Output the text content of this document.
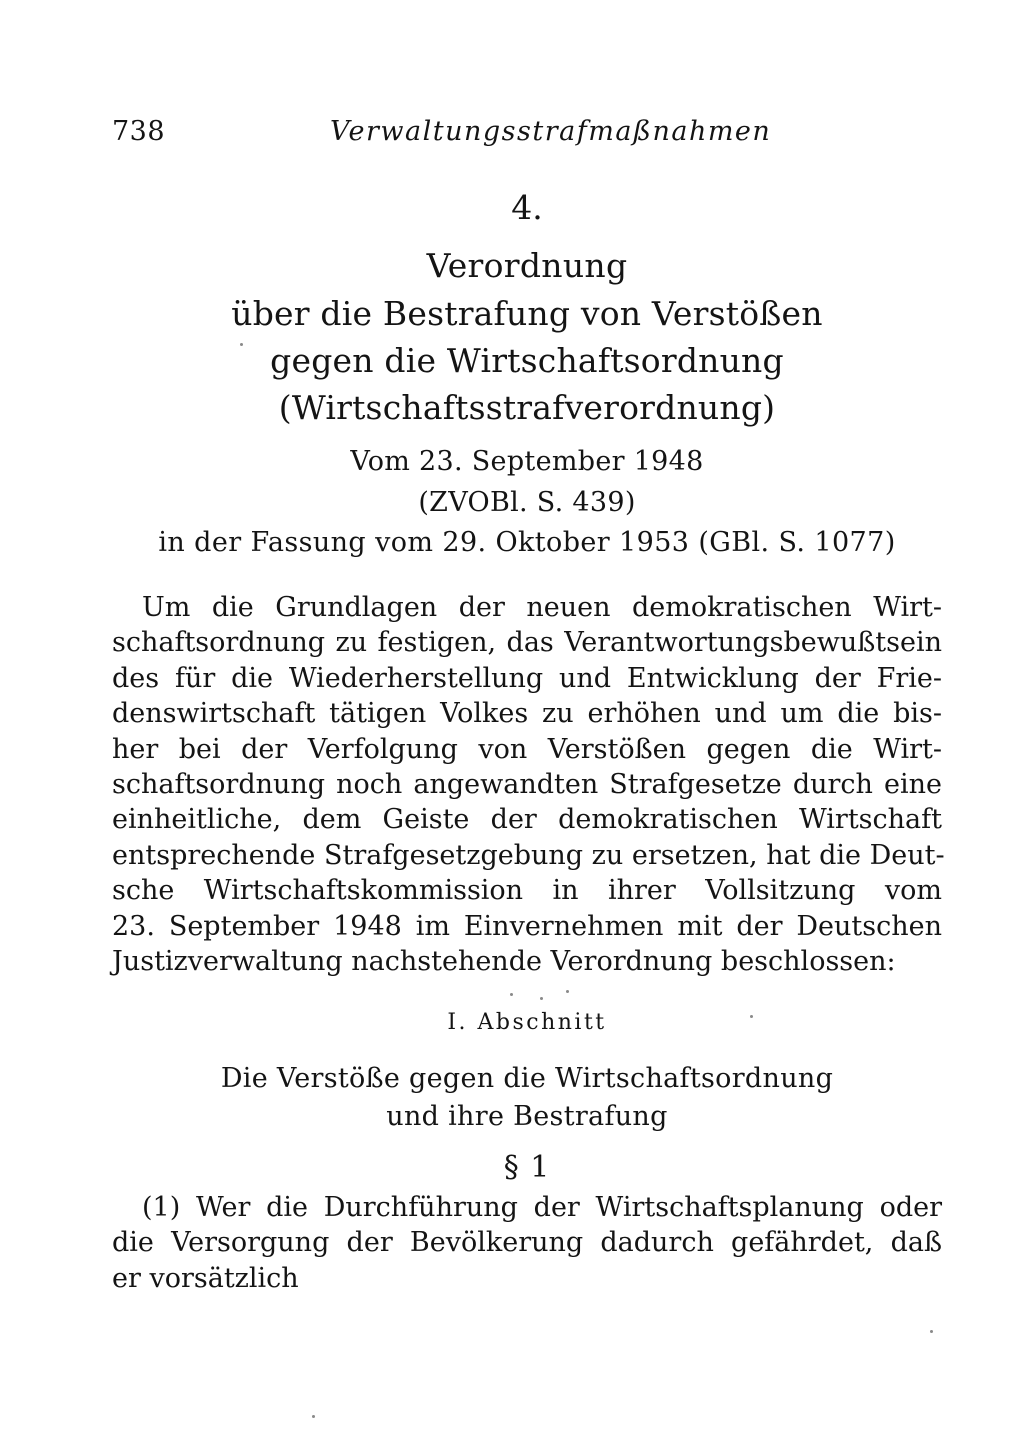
738	Verwaltungsstrafmaßnahmen
4.
Verordnung
über die Bestrafung von Verstößen
gegen die Wirtschaftsordnung
(Wirtschaftsstrafverordnung)
Vom 23. September 1948
(ZVOBl. S. 439)
in der Fassung vom 29. Oktober 1953 (GBl. S. 1077)
Um die Grundlagen der neuen demokratischen Wirt-
schaftsordnung zu festigen, das Verantwortungsbewußtsein
des für die Wiederherstellung und Entwicklung der Frie-
denswirtschaft tätigen Volkes zu erhöhen und um die bis-
her bei der Verfolgung von Verstößen gegen die Wirt-
schaftsordnung noch angewandten Strafgesetze durch eine
einheitliche, dem Geiste der demokratischen Wirtschaft
entsprechende Strafgesetzgebung zu ersetzen, hat die Deut-
sche Wirtschaftskommission in ihrer Vollsitzung vom
23. September 1948 im Einvernehmen mit der Deutschen
Justizverwaltung nachstehende Verordnung beschlossen:
I. Abschnitt
Die Verstöße gegen die Wirtschaftsordnung
und ihre Bestrafung
§ 1
(1) Wer die Durchführung der Wirtschaftsplanung oder
die Versorgung der Bevölkerung dadurch gefährdet, daß
er vorsätzlich
